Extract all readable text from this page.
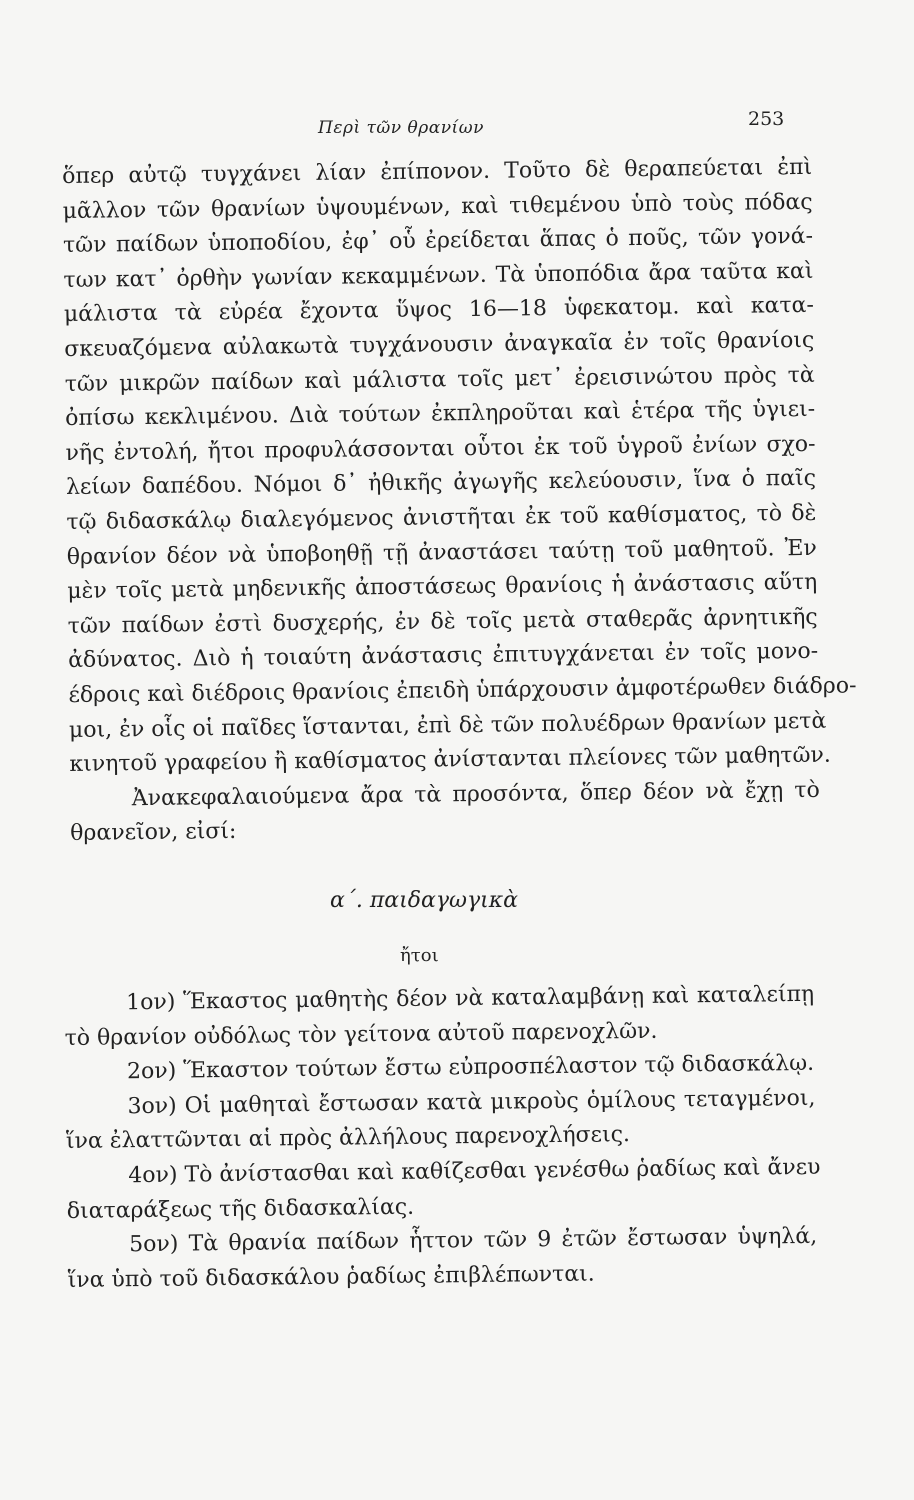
Περὶ τῶν θρανίων	253
ὅπερ αὐτῷ τυγχάνει λίαν ἐπίπονον. Τοῦτο δὲ θεραπεύεται ἐπὶ
μᾶλλον τῶν θρανίων ὑψουμένων, καὶ τιθεμένου ὑπὸ τοὺς πόδας
τῶν παίδων ὑποποδίου, ἐφ᾿ οὗ ἐρείδεται ἅπας ὁ ποῦς, τῶν γονά-
των κατ᾿ ὀρθὴν γωνίαν κεκαμμένων. Τὰ ὑποπόδια ἄρα ταῦτα καὶ
μάλιστα τὰ εὐρέα ἔχοντα ὕψος 16—18 ὑφεκατομ. καὶ κατα-
σκευαζόμενα αὐλακωτὰ τυγχάνουσιν ἀναγκαῖα ἐν τοῖς θρανίοις
τῶν μικρῶν παίδων καὶ μάλιστα τοῖς μετ᾿ ἐρεισινώτου πρὸς τὰ
ὀπίσω κεκλιμένου. Διὰ τούτων ἐκπληροῦται καὶ ἑτέρα τῆς ὑγιει-
νῆς ἐντολή, ἤτοι προφυλάσσονται οὗτοι ἐκ τοῦ ὑγροῦ ἐνίων σχο-
λείων δαπέδου. Νόμοι δ᾿ ἠθικῆς ἀγωγῆς κελεύουσιν, ἵνα ὁ παῖς
τῷ διδασκάλῳ διαλεγόμενος ἀνιστῆται ἐκ τοῦ καθίσματος, τὸ δὲ
θρανίον δέον νὰ ὑποβοηθῇ τῇ ἀναστάσει ταύτῃ τοῦ μαθητοῦ. Ἐν
μὲν τοῖς μετὰ μηδενικῆς ἀποστάσεως θρανίοις ἡ ἀνάστασις αὕτη
τῶν παίδων ἐστὶ δυσχερής, ἐν δὲ τοῖς μετὰ σταθερᾶς ἀρνητικῆς
ἀδύνατος. Διὸ ἡ τοιαύτη ἀνάστασις ἐπιτυγχάνεται ἐν τοῖς μονο-
έδροις καὶ διέδροις θρανίοις ἐπειδὴ ὑπάρχουσιν ἀμφοτέρωθεν διάδρο-
μοι, ἐν οἷς οἱ παῖδες ἵστανται, ἐπὶ δὲ τῶν πολυέδρων θρανίων μετὰ
κινητοῦ γραφείου ἢ καθίσματος ἀνίστανται πλείονες τῶν μαθητῶν.
Ἀνακεφαλαιούμενα ἄρα τὰ προσόντα, ὅπερ δέον νὰ ἔχῃ τὸ
θρανεῖον, εἰσί:
α΄. παιδαγωγικὰ
ἤτοι
1ον) Ἕκαστος μαθητὴς δέον νὰ καταλαμβάνῃ καὶ καταλείπῃ
τὸ θρανίον οὐδόλως τὸν γείτονα αὐτοῦ παρενοχλῶν.
2ον) Ἕκαστον τούτων ἔστω εὐπροσπέλαστον τῷ διδασκάλῳ.
3ον) Οἱ μαθηταὶ ἔστωσαν κατὰ μικροὺς ὁμίλους τεταγμένοι,
ἵνα ἐλαττῶνται αἱ πρὸς ἀλλήλους παρενοχλήσεις.
4ον) Τὸ ἀνίστασθαι καὶ καθίζεσθαι γενέσθω ῥαδίως καὶ ἄνευ
διαταράξεως τῆς διδασκαλίας.
5ον) Τὰ θρανία παίδων ἧττον τῶν 9 ἐτῶν ἔστωσαν ὑψηλά,
ἵνα ὑπὸ τοῦ διδασκάλου ῥαδίως ἐπιβλέπωνται.
